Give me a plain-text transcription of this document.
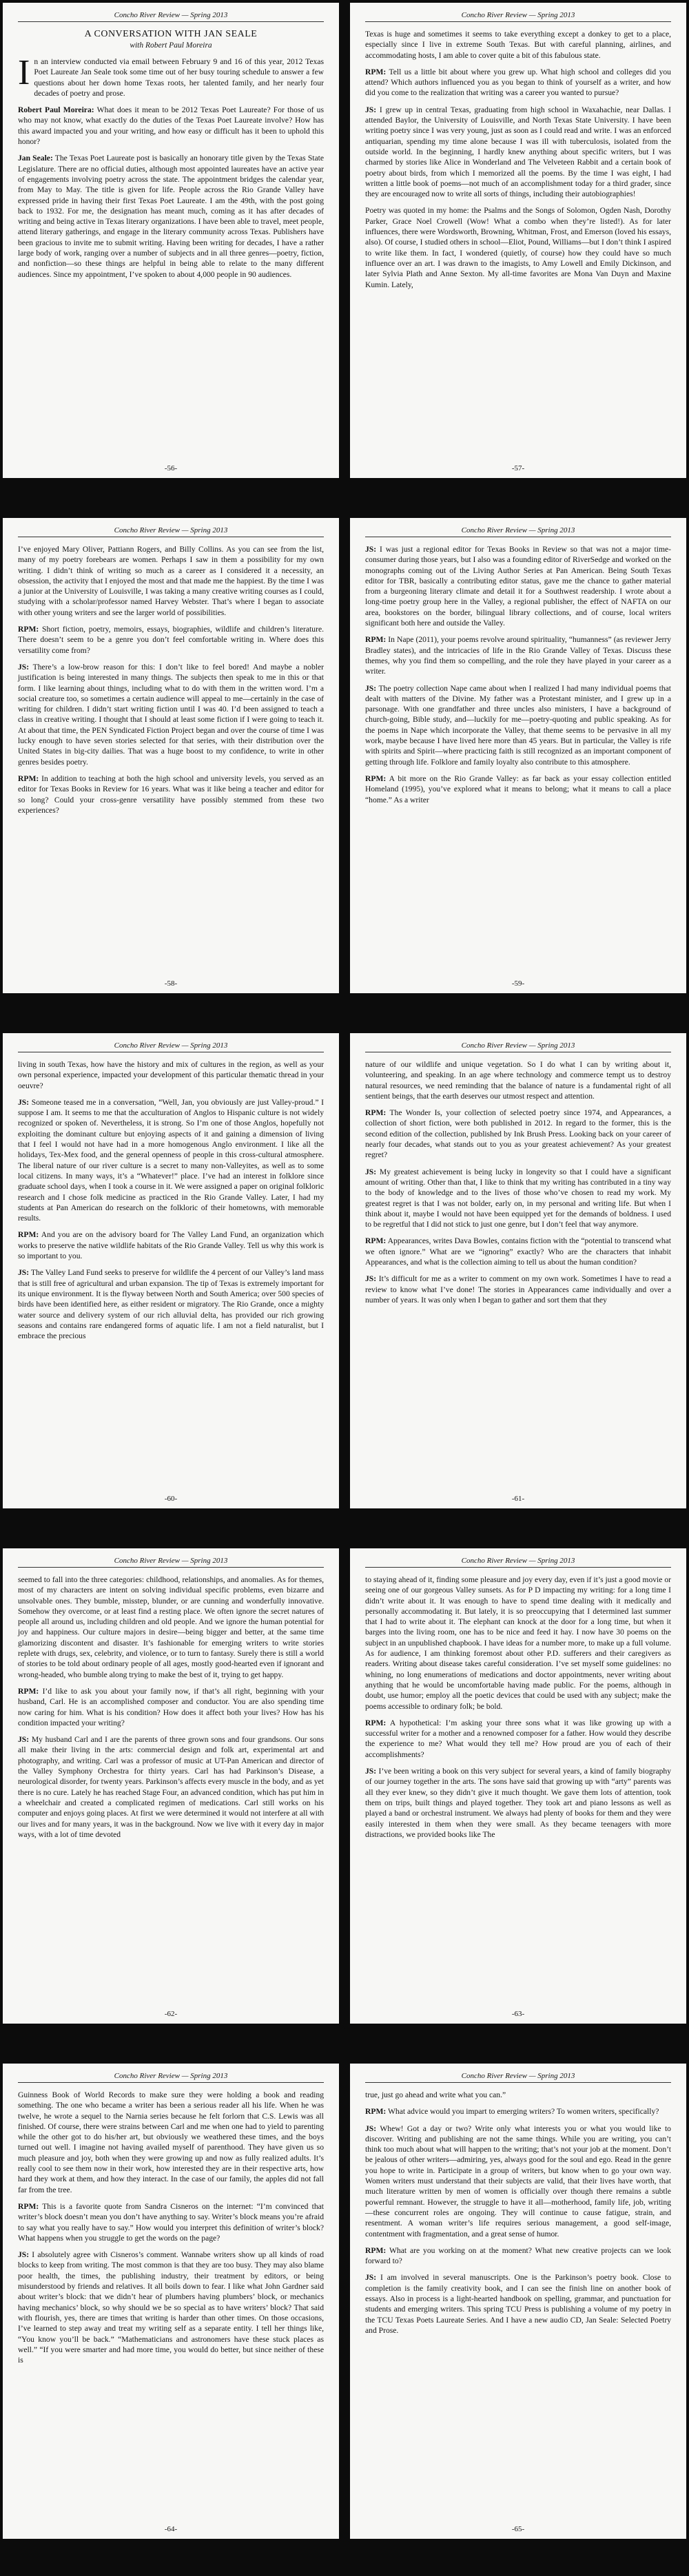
Concho River Review — Spring 2013
A CONVERSATION WITH JAN SEALE
with Robert Paul Moreira

In an interview conducted via email between February 9 and 16 of this year, 2012 Texas Poet Laureate Jan Seale took some time out of her busy touring schedule to answer a few questions about her down home Texas roots, her talented family, and her nearly four decades of poetry and prose.

Robert Paul Moreira: What does it mean to be 2012 Texas Poet Laureate? For those of us who may not know, what exactly do the duties of the Texas Poet Laureate involve? How has this award impacted you and your writing, and how easy or difficult has it been to uphold this honor?

Jan Seale: The Texas Poet Laureate post is basically an honorary title given by the Texas State Legislature. There are no official duties, although most appointed laureates have an active year of engagements involving poetry across the state. The appointment bridges the calendar year, from May to May. The title is given for life. People across the Rio Grande Valley have expressed pride in having their first Texas Poet Laureate. I am the 49th, with the post going back to 1932. For me, the designation has meant much, coming as it has after decades of writing and being active in Texas literary organizations. I have been able to travel, meet people, attend literary gatherings, and engage in the literary community across Texas. Publishers have been gracious to invite me to submit writing. Having been writing for decades, I have a rather large body of work, ranging over a number of subjects and in all three genres—poetry, fiction, and nonfiction—so these things are helpful in being able to relate to the many different audiences. Since my appointment, I’ve spoken to about 4,000 people in 90 audiences.

-56-
Concho River Review — Spring 2013

Texas is huge and sometimes it seems to take everything except a donkey to get to a place, especially since I live in extreme South Texas. But with careful planning, airlines, and accommodating hosts, I am able to cover quite a bit of this fabulous state.

RPM: Tell us a little bit about where you grew up. What high school and colleges did you attend? Which authors influenced you as you began to think of yourself as a writer, and how did you come to the realization that writing was a career you wanted to pursue?

JS: I grew up in central Texas, graduating from high school in Waxahachie, near Dallas. I attended Baylor, the University of Louisville, and North Texas State University. I have been writing poetry since I was very young, just as soon as I could read and write. I was an enforced antiquarian, spending my time alone because I was ill with tuberculosis, isolated from the outside world. In the beginning, I hardly knew anything about specific writers, but I was charmed by stories like Alice in Wonderland and The Velveteen Rabbit and a certain book of poetry about birds, from which I memorized all the poems. By the time I was eight, I had written a little book of poems—not much of an accomplishment today for a third grader, since they are encouraged now to write all sorts of things, including their autobiographies!

Poetry was quoted in my home: the Psalms and the Songs of Solomon, Ogden Nash, Dorothy Parker, Grace Noel Crowell (Wow! What a combo when they’re listed!). As for later influences, there were Wordsworth, Browning, Whitman, Frost, and Emerson (loved his essays, also). Of course, I studied others in school—Eliot, Pound, Williams—but I don’t think I aspired to write like them. In fact, I wondered (quietly, of course) how they could have so much influence over an art. I was drawn to the imagists, to Amy Lowell and Emily Dickinson, and later Sylvia Plath and Anne Sexton. My all-time favorites are Mona Van Duyn and Maxine Kumin. Lately,

-57-
Concho River Review — Spring 2013

I’ve enjoyed Mary Oliver, Pattiann Rogers, and Billy Collins. As you can see from the list, many of my poetry forebears are women. Perhaps I saw in them a possibility for my own writing. I didn’t think of writing so much as a career as I considered it a necessity, an obsession, the activity that I enjoyed the most and that made me the happiest. By the time I was a junior at the University of Louisville, I was taking a many creative writing courses as I could, studying with a scholar/professor named Harvey Webster. That’s where I began to associate with other young writers and see the larger world of possibilities.

RPM: Short fiction, poetry, memoirs, essays, biographies, wildlife and children’s literature. There doesn’t seem to be a genre you don’t feel comfortable writing in. Where does this versatility come from?

JS: There’s a low-brow reason for this: I don’t like to feel bored! And maybe a nobler justification is being interested in many things. The subjects then speak to me in this or that form. I like learning about things, including what to do with them in the written word. I’m a social creature too, so sometimes a certain audience will appeal to me—certainly in the case of writing for children. I didn’t start writing fiction until I was 40. I’d been assigned to teach a class in creative writing. I thought that I should at least some fiction if I were going to teach it. At about that time, the PEN Syndicated Fiction Project began and over the course of time I was lucky enough to have seven stories selected for that series, with their distribution over the United States in big-city dailies. That was a huge boost to my confidence, to write in other genres besides poetry.

RPM: In addition to teaching at both the high school and university levels, you served as an editor for Texas Books in Review for 16 years. What was it like being a teacher and editor for so long? Could your cross-genre versatility have possibly stemmed from these two experiences?

-58-
Concho River Review — Spring 2013

JS: I was just a regional editor for Texas Books in Review so that was not a major time-consumer during those years, but I also was a founding editor of RiverSedge and worked on the monographs coming out of the Living Author Series at Pan American. Being South Texas editor for TBR, basically a contributing editor status, gave me the chance to gather material from a burgeoning literary climate and detail it for a Southwest readership. I wrote about a long-time poetry group here in the Valley, a regional publisher, the effect of NAFTA on our area, bookstores on the border, bilingual library collections, and of course, local writers significant both here and outside the Valley.

RPM: In Nape (2011), your poems revolve around spirituality, “humanness” (as reviewer Jerry Bradley states), and the intricacies of life in the Rio Grande Valley of Texas. Discuss these themes, why you find them so compelling, and the role they have played in your career as a writer.

JS: The poetry collection Nape came about when I realized I had many individual poems that dealt with matters of the Divine. My father was a Protestant minister, and I grew up in a parsonage. With one grandfather and three uncles also ministers, I have a background of church-going, Bible study, and—luckily for me—poetry-quoting and public speaking. As for the poems in Nape which incorporate the Valley, that theme seems to be pervasive in all my work, maybe because I have lived here more than 45 years. But in particular, the Valley is rife with spirits and Spirit—where practicing faith is still recognized as an important component of getting through life. Folklore and family loyalty also contribute to this atmosphere.

RPM: A bit more on the Rio Grande Valley: as far back as your essay collection entitled Homeland (1995), you’ve explored what it means to belong; what it means to call a place “home.” As a writer

-59-
Concho River Review — Spring 2013

living in south Texas, how have the history and mix of cultures in the region, as well as your own personal experience, impacted your development of this particular thematic thread in your oeuvre?

JS: Someone teased me in a conversation, “Well, Jan, you obviously are just Valley-proud.” I suppose I am. It seems to me that the acculturation of Anglos to Hispanic culture is not widely recognized or spoken of. Nevertheless, it is strong. So I’m one of those Anglos, hopefully not exploiting the dominant culture but enjoying aspects of it and gaining a dimension of living that I feel I would not have had in a more homogenous Anglo environment. I like all the holidays, Tex-Mex food, and the general openness of people in this cross-cultural atmosphere. The liberal nature of our river culture is a secret to many non-Valleyites, as well as to some local citizens. In many ways, it’s a “Whatever!” place. I’ve had an interest in folklore since graduate school days, when I took a course in it. We were assigned a paper on original folkloric research and I chose folk medicine as practiced in the Rio Grande Valley. Later, I had my students at Pan American do research on the folkloric of their hometowns, with memorable results.

RPM: And you are on the advisory board for The Valley Land Fund, an organization which works to preserve the native wildlife habitats of the Rio Grande Valley. Tell us why this work is so important to you.

JS: The Valley Land Fund seeks to preserve for wildlife the 4 percent of our Valley’s land mass that is still free of agricultural and urban expansion. The tip of Texas is extremely important for its unique environment. It is the flyway between North and South America; over 500 species of birds have been identified here, as either resident or migratory. The Rio Grande, once a mighty water source and delivery system of our rich alluvial delta, has provided our rich growing seasons and contains rare endangered forms of aquatic life. I am not a field naturalist, but I embrace the precious

-60-
Concho River Review — Spring 2013

nature of our wildlife and unique vegetation. So I do what I can by writing about it, volunteering, and speaking. In an age where technology and commerce tempt us to destroy natural resources, we need reminding that the balance of nature is a fundamental right of all sentient beings, that the earth deserves our utmost respect and attention.

RPM: The Wonder Is, your collection of selected poetry since 1974, and Appearances, a collection of short fiction, were both published in 2012. In regard to the former, this is the second edition of the collection, published by Ink Brush Press. Looking back on your career of nearly four decades, what stands out to you as your greatest achievement? As your greatest regret?

JS: My greatest achievement is being lucky in longevity so that I could have a significant amount of writing. Other than that, I like to think that my writing has contributed in a tiny way to the body of knowledge and to the lives of those who’ve chosen to read my work. My greatest regret is that I was not bolder, early on, in my personal and writing life. But when I think about it, maybe I would not have been equipped yet for the demands of boldness. I used to be regretful that I did not stick to just one genre, but I don’t feel that way anymore.

RPM: Appearances, writes Dava Bowles, contains fiction with the “potential to transcend what we often ignore.” What are we “ignoring” exactly? Who are the characters that inhabit Appearances, and what is the collection aiming to tell us about the human condition?

JS: It’s difficult for me as a writer to comment on my own work. Sometimes I have to read a review to know what I’ve done! The stories in Appearances came individually and over a number of years. It was only when I began to gather and sort them that they

-61-
Concho River Review — Spring 2013

seemed to fall into the three categories: childhood, relationships, and anomalies. As for themes, most of my characters are intent on solving individual specific problems, even bizarre and unsolvable ones. They bumble, misstep, blunder, or are cunning and wonderfully innovative. Somehow they overcome, or at least find a resting place. We often ignore the secret natures of people all around us, including children and old people. And we ignore the human potential for joy and happiness. Our culture majors in desire—being bigger and better, at the same time glamorizing discontent and disaster. It’s fashionable for emerging writers to write stories replete with drugs, sex, celebrity, and violence, or to turn to fantasy. Surely there is still a world of stories to be told about ordinary people of all ages, mostly good-hearted even if ignorant and wrong-headed, who bumble along trying to make the best of it, trying to get happy.

RPM: I’d like to ask you about your family now, if that’s all right, beginning with your husband, Carl. He is an accomplished composer and conductor. You are also spending time now caring for him. What is his condition? How does it affect both your lives? How has his condition impacted your writing?

JS: My husband Carl and I are the parents of three grown sons and four grandsons. Our sons all make their living in the arts: commercial design and folk art, experimental art and photography, and writing. Carl was a professor of music at UT-Pan American and director of the Valley Symphony Orchestra for thirty years. Carl has had Parkinson’s Disease, a neurological disorder, for twenty years. Parkinson’s affects every muscle in the body, and as yet there is no cure. Lately he has reached Stage Four, an advanced condition, which has put him in a wheelchair and created a complicated regimen of medications. Carl still works on his computer and enjoys going places. At first we were determined it would not interfere at all with our lives and for many years, it was in the background. Now we live with it every day in major ways, with a lot of time devoted

-62-
Concho River Review — Spring 2013

to staying ahead of it, finding some pleasure and joy every day, even if it’s just a good movie or seeing one of our gorgeous Valley sunsets. As for P D impacting my writing: for a long time I didn’t write about it. It was enough to have to spend time dealing with it medically and personally accommodating it. But lately, it is so preoccupying that I determined last summer that I had to write about it. The elephant can knock at the door for a long time, but when it barges into the living room, one has to be nice and feed it hay. I now have 30 poems on the subject in an unpublished chapbook. I have ideas for a number more, to make up a full volume. As for audience, I am thinking foremost about other P.D. sufferers and their caregivers as readers. Writing about disease takes careful consideration. I’ve set myself some guidelines: no whining, no long enumerations of medications and doctor appointments, never writing about anything that he would be uncomfortable having made public. For the poems, although in doubt, use humor; employ all the poetic devices that could be used with any subject; make the poems accessible to ordinary folk; be bold.

RPM: A hypothetical: I’m asking your three sons what it was like growing up with a successful writer for a mother and a renowned composer for a father. How would they describe the experience to me? What would they tell me? How proud are you of each of their accomplishments?

JS: I’ve been writing a book on this very subject for several years, a kind of family biography of our journey together in the arts. The sons have said that growing up with “arty” parents was all they ever knew, so they didn’t give it much thought. We gave them lots of attention, took them on trips, built things and played together. They took art and piano lessons as well as played a band or orchestral instrument. We always had plenty of books for them and they were easily interested in them when they were small. As they became teenagers with more distractions, we provided books like The

-63-
Concho River Review — Spring 2013

Guinness Book of World Records to make sure they were holding a book and reading something. The one who became a writer has been a serious reader all his life. When he was twelve, he wrote a sequel to the Narnia series because he felt forlorn that C.S. Lewis was all finished. Of course, there were strains between Carl and me when one had to yield to parenting while the other got to do his/her art, but obviously we weathered these times, and the boys turned out well. I imagine not having availed myself of parenthood. They have given us so much pleasure and joy, both when they were growing up and now as fully realized adults. It’s really cool to see them now in their work, how interested they are in their respective arts, how hard they work at them, and how they interact. In the case of our family, the apples did not fall far from the tree.

RPM: This is a favorite quote from Sandra Cisneros on the internet: “I’m convinced that writer’s block doesn’t mean you don’t have anything to say. Writer’s block means you’re afraid to say what you really have to say.” How would you interpret this definition of writer’s block? What happens when you struggle to get the words on the page?

JS: I absolutely agree with Cisneros’s comment. Wannabe writers show up all kinds of road blocks to keep from writing. The most common is that they are too busy. They may also blame poor health, the times, the publishing industry, their treatment by editors, or being misunderstood by friends and relatives. It all boils down to fear. I like what John Gardner said about writer’s block: that we didn’t hear of plumbers having plumbers’ block, or mechanics having mechanics’ block, so why should we be so special as to have writers’ block? That said with flourish, yes, there are times that writing is harder than other times. On those occasions, I’ve learned to step away and treat my writing self as a separate entity. I tell her things like, “You know you’ll be back.” “Mathematicians and astronomers have these stuck places as well.” “If you were smarter and had more time, you would do better, but since neither of these is

-64-
Concho River Review — Spring 2013

true, just go ahead and write what you can.”

RPM: What advice would you impart to emerging writers? To women writers, specifically?

JS: Whew! Got a day or two? Write only what interests you or what you would like to discover. Writing and publishing are not the same things. While you are writing, you can’t think too much about what will happen to the writing; that’s not your job at the moment. Don’t be jealous of other writers—admiring, yes, always good for the soul and ego. Read in the genre you hope to write in. Participate in a group of writers, but know when to go your own way. Women writers must understand that their subjects are valid, that their lives have worth, that much literature written by men of women is officially over though there remains a subtle powerful remnant. However, the struggle to have it all—motherhood, family life, job, writing—these concurrent roles are ongoing. They will continue to cause fatigue, strain, and resentment. A woman writer’s life requires serious management, a good self-image, contentment with fragmentation, and a great sense of humor.

RPM: What are you working on at the moment? What new creative projects can we look forward to?

JS: I am involved in several manuscripts. One is the Parkinson’s poetry book. Close to completion is the family creativity book, and I can see the finish line on another book of essays. Also in process is a light-hearted handbook on spelling, grammar, and punctuation for students and emerging writers. This spring TCU Press is publishing a volume of my poetry in the TCU Texas Poets Laureate Series. And I have a new audio CD, Jan Seale: Selected Poetry and Prose.

-65-
